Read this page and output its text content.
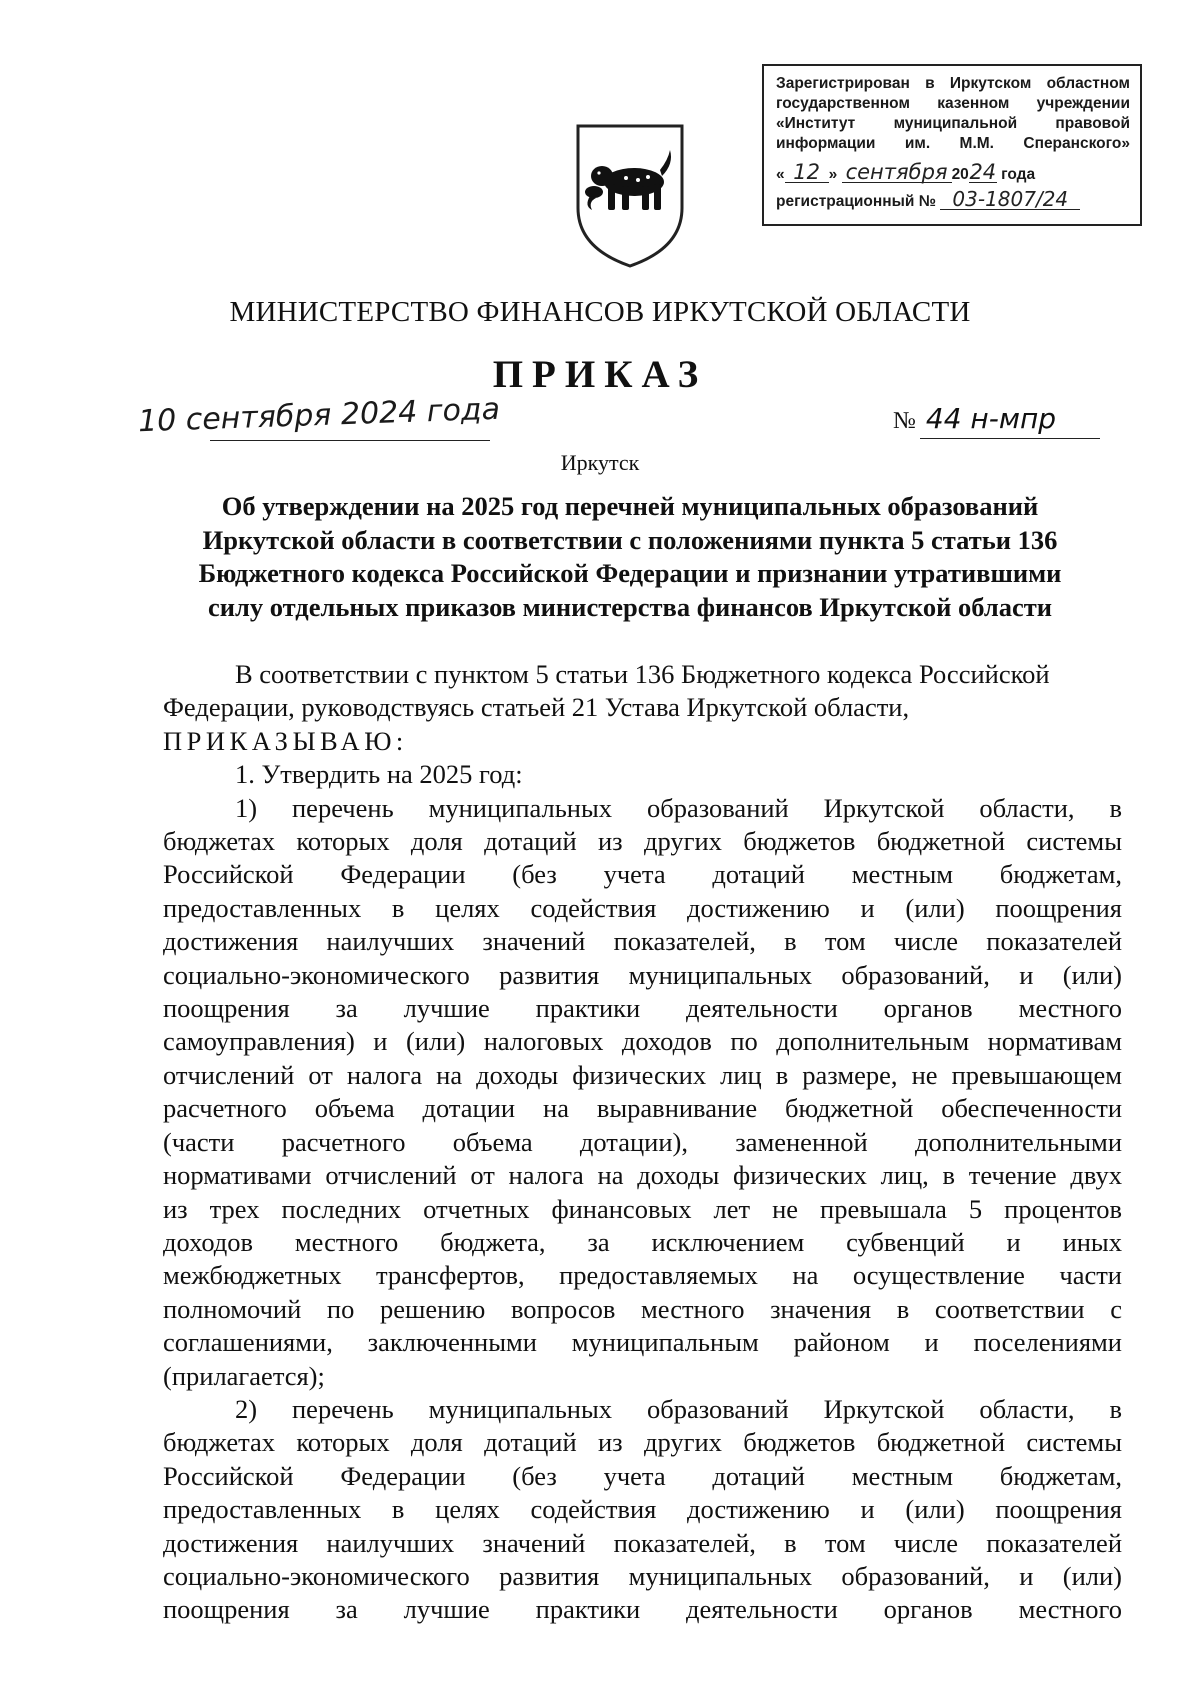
Зарегистрирован в Иркутском областном
государственном казенном учреждении
«Институт муниципальной правовой
информации им. М.М. Сперанского»
« 12 » сентября 2024 года
регистрационный № 03-1807/24
МИНИСТЕРСТВО ФИНАНСОВ ИРКУТСКОЙ ОБЛАСТИ
ПРИКАЗ
10 сентября 2024 года	№ 44 н-мпр
Иркутск
Об утверждении на 2025 год перечней муниципальных образований
Иркутской области в соответствии с положениями пункта 5 статьи 136
Бюджетного кодекса Российской Федерации и признании утратившими
силу отдельных приказов министерства финансов Иркутской области
В соответствии с пунктом 5 статьи 136 Бюджетного кодекса Российской
Федерации, руководствуясь статьей 21 Устава Иркутской области,
ПРИКАЗЫВАЮ:
1. Утвердить на 2025 год:
1) перечень муниципальных образований Иркутской области, в
бюджетах которых доля дотаций из других бюджетов бюджетной системы
Российской Федерации (без учета дотаций местным бюджетам,
предоставленных в целях содействия достижению и (или) поощрения
достижения наилучших значений показателей, в том числе показателей
социально-экономического развития муниципальных образований, и (или)
поощрения за лучшие практики деятельности органов местного
самоуправления) и (или) налоговых доходов по дополнительным нормативам
отчислений от налога на доходы физических лиц в размере, не превышающем
расчетного объема дотации на выравнивание бюджетной обеспеченности
(части расчетного объема дотации), замененной дополнительными
нормативами отчислений от налога на доходы физических лиц, в течение двух
из трех последних отчетных финансовых лет не превышала 5 процентов
доходов местного бюджета, за исключением субвенций и иных
межбюджетных трансфертов, предоставляемых на осуществление части
полномочий по решению вопросов местного значения в соответствии с
соглашениями, заключенными муниципальным районом и поселениями
(прилагается);
2) перечень муниципальных образований Иркутской области, в
бюджетах которых доля дотаций из других бюджетов бюджетной системы
Российской Федерации (без учета дотаций местным бюджетам,
предоставленных в целях содействия достижению и (или) поощрения
достижения наилучших значений показателей, в том числе показателей
социально-экономического развития муниципальных образований, и (или)
поощрения за лучшие практики деятельности органов местного
